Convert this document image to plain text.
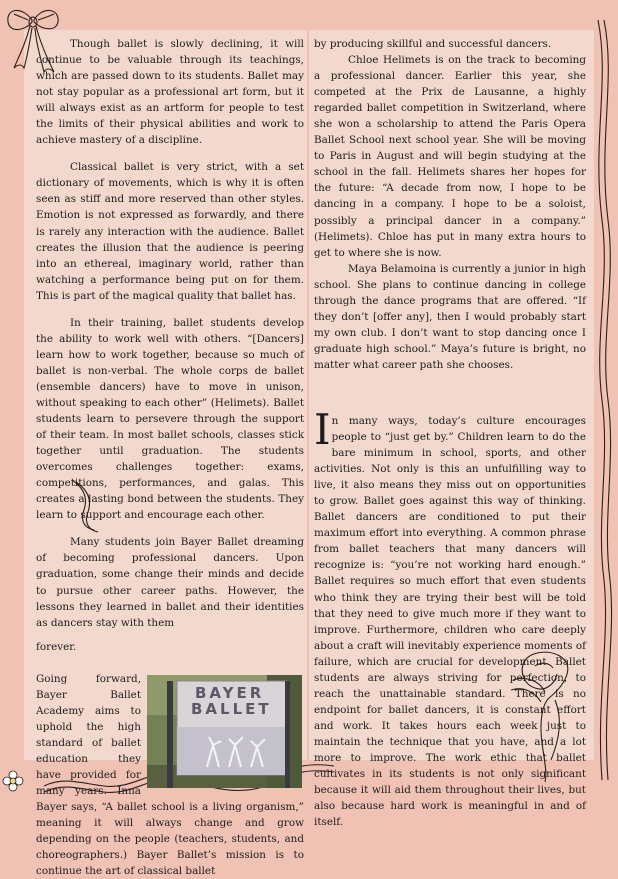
Though ballet is slowly declining, it will continue to be valuable through its teachings, which are passed down to its students. Ballet may not stay popular as a professional art form, but it will always exist as an artform for people to test the limits of their physical abilities and work to achieve mastery of a discipline.

Classical ballet is very strict, with a set dictionary of movements, which is why it is often seen as stiff and more reserved than other styles. Emotion is not expressed as forwardly, and there is rarely any interaction with the audience. Ballet creates the illusion that the audience is peering into an ethereal, imaginary world, rather than watching a performance being put on for them. This is part of the magical quality that ballet has.

In their training, ballet students develop the ability to work well with others. “[Dancers] learn how to work together, because so much of ballet is non-verbal. The whole corps de ballet (ensemble dancers) have to move in unison, without speaking to each other” (Helimets). Ballet students learn to persevere through the support of their team. In most ballet schools, classes stick together until graduation. The students overcomes challenges together: exams, competitions, performances, and galas. This creates a lasting bond between the students. They learn to support and encourage each other.

Many students join Bayer Ballet dreaming of becoming professional dancers. Upon graduation, some change their minds and decide to pursue other career paths. However, the lessons they learned in ballet and their identities as dancers stay with them

forever.

BAYER
BALLET

Going forward, Bayer Ballet Academy aims to uphold the high standard of ballet education they have provided for many years. Inna Bayer says, “A ballet school is a living organism,” meaning it will always change and grow depending on the people (teachers, students, and choreographers.) Bayer Ballet’s mission is to continue the art of classical ballet

by producing skillful and successful dancers.

Chloe Helimets is on the track to becoming a professional dancer. Earlier this year, she competed at the Prix de Lausanne, a highly regarded ballet competition in Switzerland, where she won a scholarship to attend the Paris Opera Ballet School next school year. She will be moving to Paris in August and will begin studying at the school in the fall. Helimets shares her hopes for the future: “A decade from now, I hope to be dancing in a company. I hope to be a soloist, possibly a principal dancer in a company.” (Helimets). Chloe has put in many extra hours to get to where she is now.

Maya Belamoina is currently a junior in high school. She plans to continue dancing in college through the dance programs that are offered. “If they don’t [offer any], then I would probably start my own club. I don’t want to stop dancing once I graduate high school.” Maya’s future is bright, no matter what career path she chooses.

In many ways, today’s culture encourages people to “just get by.” Children learn to do the bare minimum in school, sports, and other activities. Not only is this an unfulfilling way to live, it also means they miss out on opportunities to grow. Ballet goes against this way of thinking. Ballet dancers are conditioned to put their maximum effort into everything. A common phrase from ballet teachers that many dancers will recognize is: “you’re not working hard enough.” Ballet requires so much effort that even students who think they are trying their best will be told that they need to give much more if they want to improve. Furthermore, children who care deeply about a craft will inevitably experience moments of failure, which are crucial for development. Ballet students are always striving for perfection, to reach the unattainable standard. There is no endpoint for ballet dancers, it is constant effort and work. It takes hours each week just to maintain the technique that you have, and a lot more to improve. The work ethic that ballet cultivates in its students is not only significant because it will aid them throughout their lives, but also because hard work is meaningful in and of itself.
